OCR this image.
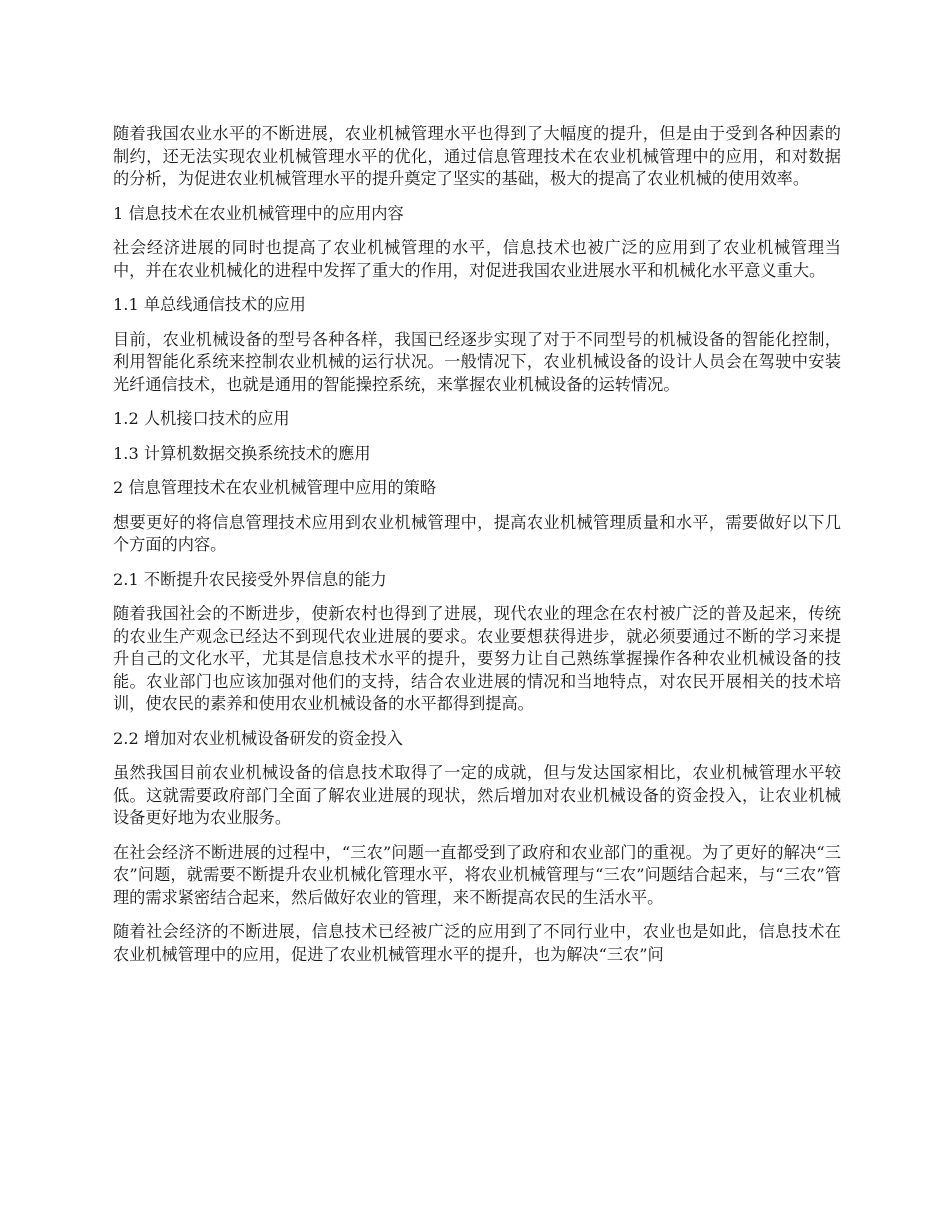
随着我国农业水平的不断进展，农业机械管理水平也得到了大幅度的提升，但是由于受到各种因素的制约，还无法实现农业机械管理水平的优化，通过信息管理技术在农业机械管理中的应用，和对数据的分析，为促进农业机械管理水平的提升奠定了坚实的基础，极大的提高了农业机械的使用效率。

1 信息技术在农业机械管理中的应用内容

社会经济进展的同时也提高了农业机械管理的水平，信息技术也被广泛的应用到了农业机械管理当中，并在农业机械化的进程中发挥了重大的作用，对促进我国农业进展水平和机械化水平意义重大。

1.1 单总线通信技术的应用

目前，农业机械设备的型号各种各样，我国已经逐步实现了对于不同型号的机械设备的智能化控制，利用智能化系统来控制农业机械的运行状况。一般情况下，农业机械设备的设计人员会在驾驶中安装光纤通信技术，也就是通用的智能操控系统，来掌握农业机械设备的运转情况。

1.2 人机接口技术的应用

1.3 计算机数据交换系统技术的應用

2 信息管理技术在农业机械管理中应用的策略

想要更好的将信息管理技术应用到农业机械管理中，提高农业机械管理质量和水平，需要做好以下几个方面的内容。

2.1 不断提升农民接受外界信息的能力

随着我国社会的不断进步，使新农村也得到了进展，现代农业的理念在农村被广泛的普及起来，传统的农业生产观念已经达不到现代农业进展的要求。农业要想获得进步，就必须要通过不断的学习来提升自己的文化水平，尤其是信息技术水平的提升，要努力让自己熟练掌握操作各种农业机械设备的技能。农业部门也应该加强对他们的支持，结合农业进展的情况和当地特点，对农民开展相关的技术培训，使农民的素养和使用农业机械设备的水平都得到提高。

2.2 增加对农业机械设备研发的资金投入

虽然我国目前农业机械设备的信息技术取得了一定的成就，但与发达国家相比，农业机械管理水平较低。这就需要政府部门全面了解农业进展的现状，然后增加对农业机械设备的资金投入，让农业机械设备更好地为农业服务。

在社会经济不断进展的过程中，“三农”问题一直都受到了政府和农业部门的重视。为了更好的解决“三农”问题，就需要不断提升农业机械化管理水平，将农业机械管理与“三农”问题结合起来，与“三农”管理的需求紧密结合起来，然后做好农业的管理，来不断提高农民的生活水平。

随着社会经济的不断进展，信息技术已经被广泛的应用到了不同行业中，农业也是如此，信息技术在农业机械管理中的应用，促进了农业机械管理水平的提升，也为解决“三农”问
